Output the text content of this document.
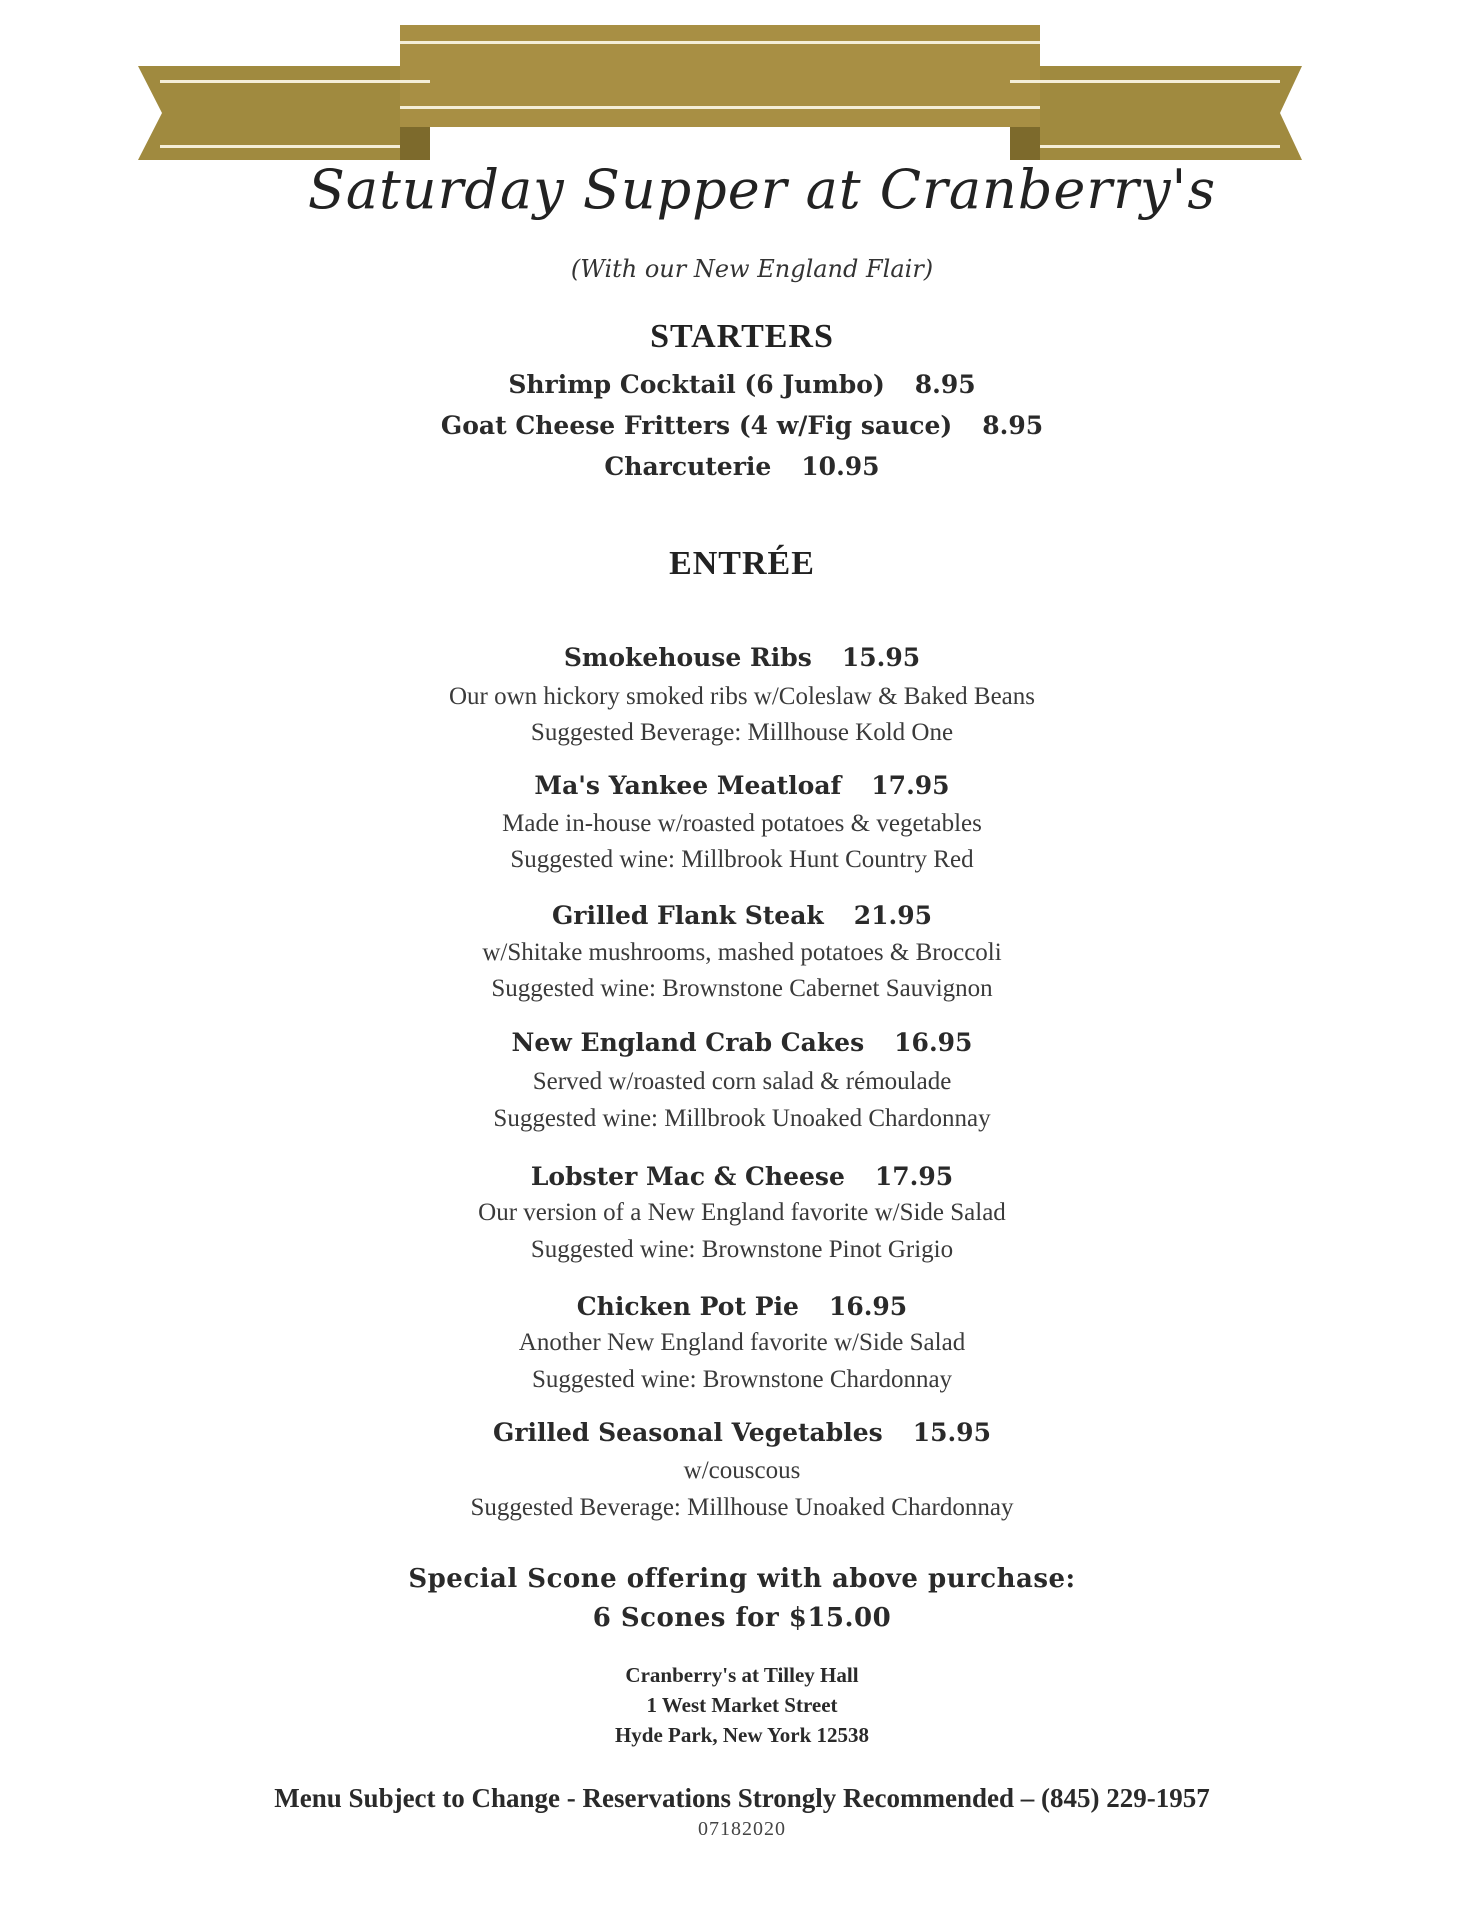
Saturday Supper at Cranberry's
(With our New England Flair)
STARTERS
Shrimp Cocktail (6 Jumbo) 8.95
Goat Cheese Fritters (4 w/Fig sauce) 8.95
Charcuterie 10.95
ENTRÉE
Smokehouse Ribs 15.95
Our own hickory smoked ribs w/Coleslaw & Baked Beans
Suggested Beverage: Millhouse Kold One
Ma's Yankee Meatloaf 17.95
Made in-house w/roasted potatoes & vegetables
Suggested wine: Millbrook Hunt Country Red
Grilled Flank Steak 21.95
w/Shitake mushrooms, mashed potatoes & Broccoli
Suggested wine: Brownstone Cabernet Sauvignon
New England Crab Cakes 16.95
Served w/roasted corn salad & rémoulade
Suggested wine: Millbrook Unoaked Chardonnay
Lobster Mac & Cheese 17.95
Our version of a New England favorite w/Side Salad
Suggested wine: Brownstone Pinot Grigio
Chicken Pot Pie 16.95
Another New England favorite w/Side Salad
Suggested wine: Brownstone Chardonnay
Grilled Seasonal Vegetables 15.95
w/couscous
Suggested Beverage: Millhouse Unoaked Chardonnay
Special Scone offering with above purchase:
6 Scones for $15.00
Cranberry's at Tilley Hall
1 West Market Street
Hyde Park, New York 12538
Menu Subject to Change - Reservations Strongly Recommended – (845) 229-1957
07182020
